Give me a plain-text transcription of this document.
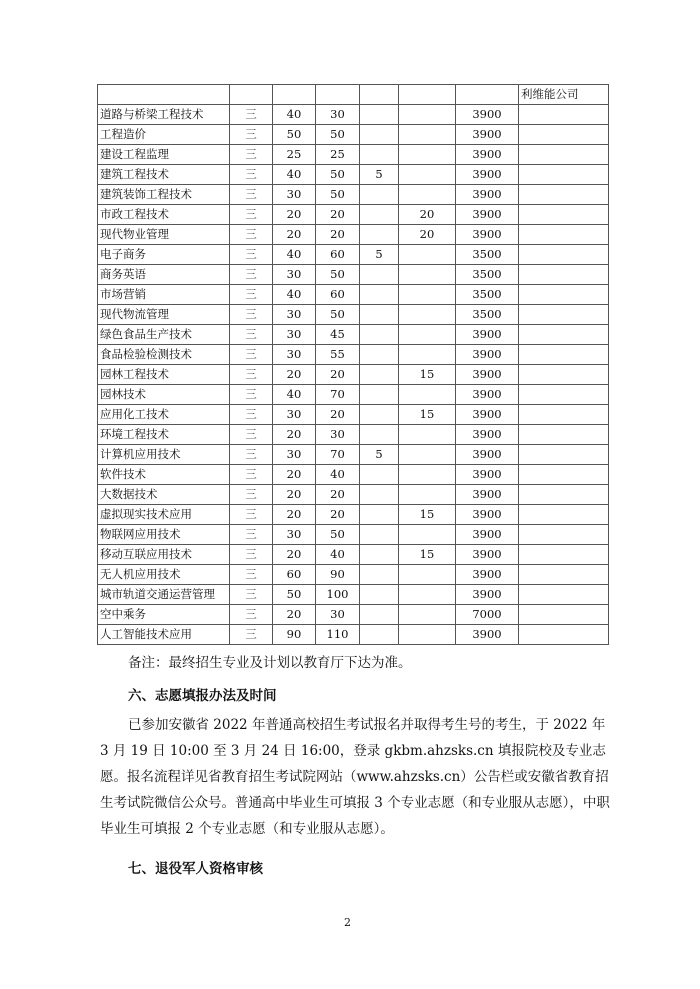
							利维能公司
道路与桥梁工程技术	三	40	30			3900	
工程造价	三	50	50			3900	
建设工程监理	三	25	25			3900	
建筑工程技术	三	40	50	5		3900	
建筑装饰工程技术	三	30	50			3900	
市政工程技术	三	20	20		20	3900	
现代物业管理	三	20	20		20	3900	
电子商务	三	40	60	5		3500	
商务英语	三	30	50			3500	
市场营销	三	40	60			3500	
现代物流管理	三	30	50			3500	
绿色食品生产技术	三	30	45			3900	
食品检验检测技术	三	30	55			3900	
园林工程技术	三	20	20		15	3900	
园林技术	三	40	70			3900	
应用化工技术	三	30	20		15	3900	
环境工程技术	三	20	30			3900	
计算机应用技术	三	30	70	5		3900	
软件技术	三	20	40			3900	
大数据技术	三	20	20			3900	
虚拟现实技术应用	三	20	20		15	3900	
物联网应用技术	三	30	50			3900	
移动互联应用技术	三	20	40		15	3900	
无人机应用技术	三	60	90			3900	
城市轨道交通运营管理	三	50	100			3900	
空中乘务	三	20	30			7000	
人工智能技术应用	三	90	110			3900	
备注：最终招生专业及计划以教育厅下达为准。
六、志愿填报办法及时间
已参加安徽省 2022 年普通高校招生考试报名并取得考生号的考生，于 2022 年 3 月 19 日 10:00 至 3 月 24 日 16:00，登录 gkbm.ahzsks.cn 填报院校及专业志愿。报名流程详见省教育招生考试院网站（www.ahzsks.cn）公告栏或安徽省教育招生考试院微信公众号。普通高中毕业生可填报 3 个专业志愿（和专业服从志愿），中职毕业生可填报 2 个专业志愿（和专业服从志愿）。
七、退役军人资格审核
2
